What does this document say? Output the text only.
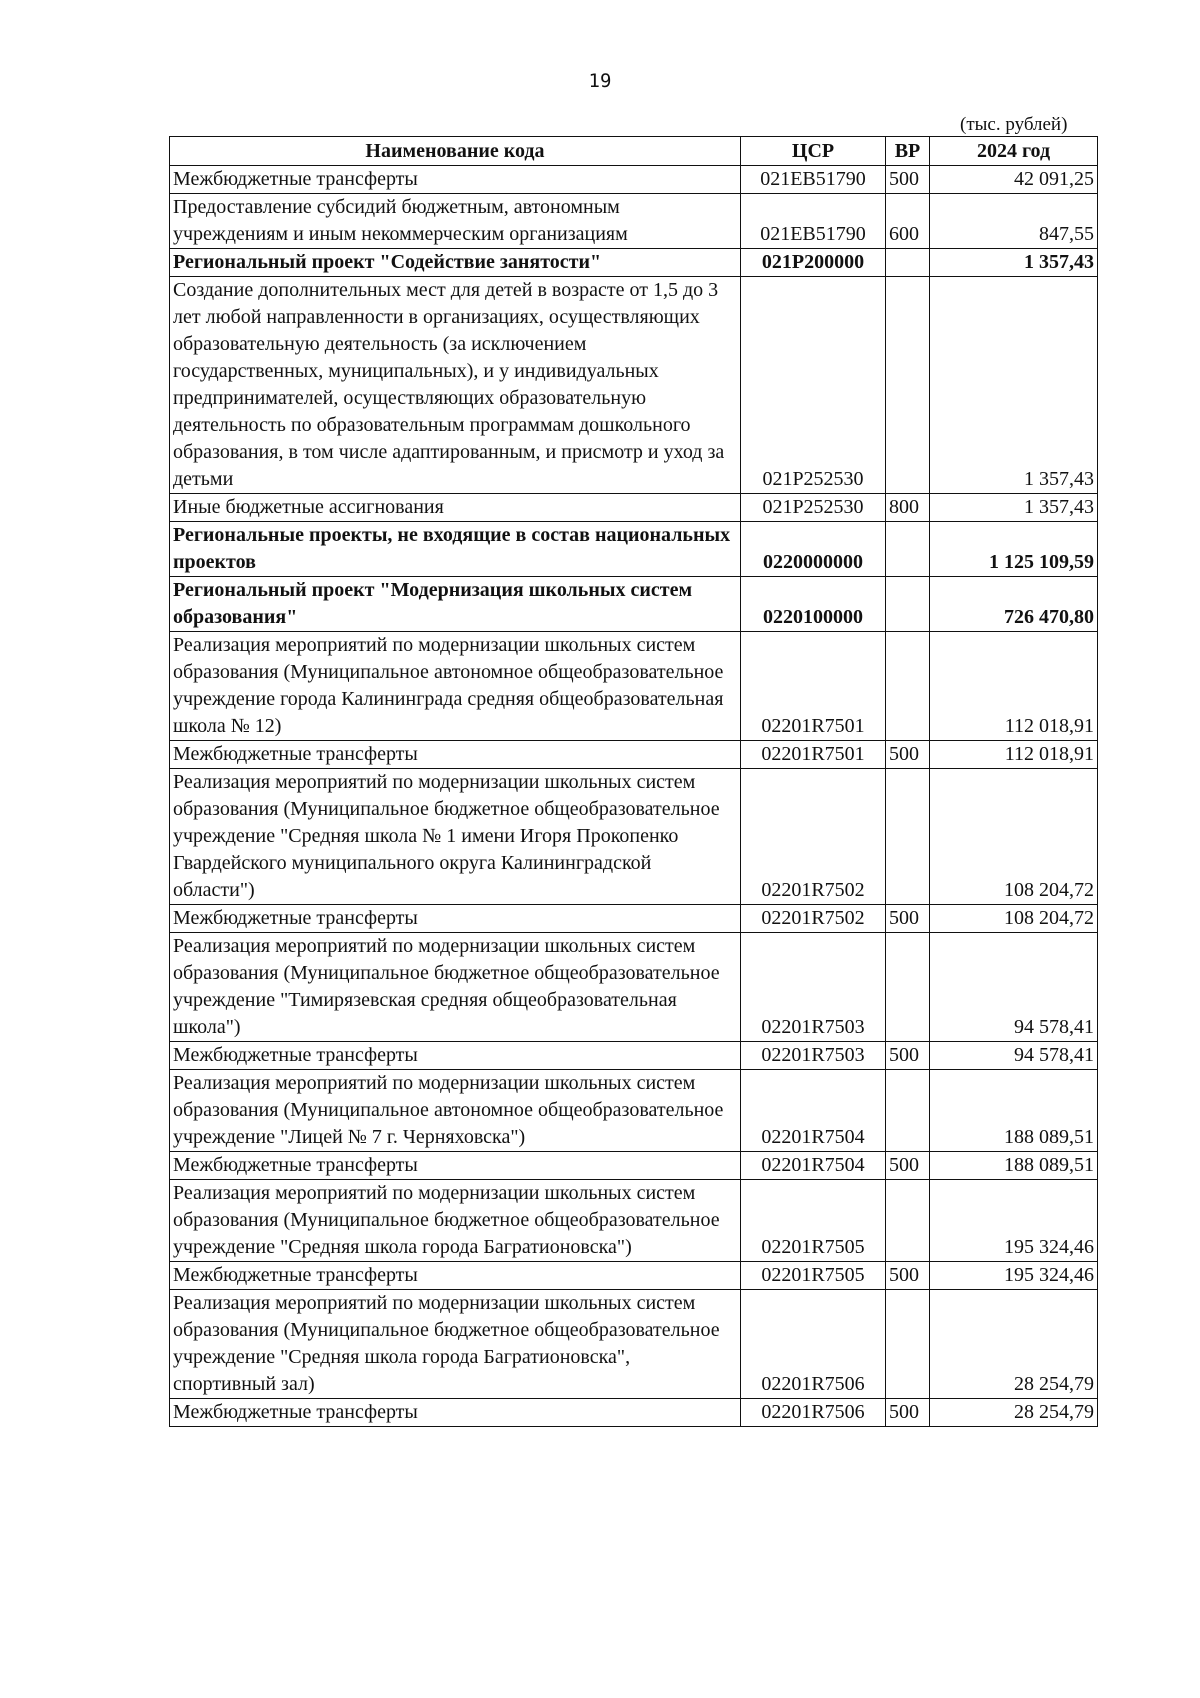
19
(тыс. рублей)
Наименование кода	ЦСР	ВР	2024 год
Межбюджетные трансферты	021EB51790	500	42 091,25
Предоставление субсидий бюджетным, автономным учреждениям и иным некоммерческим организациям	021EB51790	600	847,55
Региональный проект "Содействие занятости"	021P200000		1 357,43
Создание дополнительных мест для детей в возрасте от 1,5 до 3 лет любой направленности в организациях, осуществляющих образовательную деятельность (за исключением государственных, муниципальных), и у индивидуальных предпринимателей, осуществляющих образовательную деятельность по образовательным программам дошкольного образования, в том числе адаптированным, и присмотр и уход за детьми	021P252530		1 357,43
Иные бюджетные ассигнования	021P252530	800	1 357,43
Региональные проекты, не входящие в состав национальных проектов	0220000000		1 125 109,59
Региональный проект "Модернизация школьных систем образования"	0220100000		726 470,80
Реализация мероприятий по модернизации школьных систем образования (Муниципальное автономное общеобразовательное учреждение города Калининграда средняя общеобразовательная школа № 12)	02201R7501		112 018,91
Межбюджетные трансферты	02201R7501	500	112 018,91
Реализация мероприятий по модернизации школьных систем образования (Муниципальное бюджетное общеобразовательное учреждение "Средняя школа № 1 имени Игоря Прокопенко Гвардейского муниципального округа Калининградской области")	02201R7502		108 204,72
Межбюджетные трансферты	02201R7502	500	108 204,72
Реализация мероприятий по модернизации школьных систем образования (Муниципальное бюджетное общеобразовательное учреждение "Тимирязевская средняя общеобразовательная школа")	02201R7503		94 578,41
Межбюджетные трансферты	02201R7503	500	94 578,41
Реализация мероприятий по модернизации школьных систем образования (Муниципальное автономное общеобразовательное учреждение "Лицей № 7 г. Черняховска")	02201R7504		188 089,51
Межбюджетные трансферты	02201R7504	500	188 089,51
Реализация мероприятий по модернизации школьных систем образования (Муниципальное бюджетное общеобразовательное учреждение "Средняя школа города Багратионовска")	02201R7505		195 324,46
Межбюджетные трансферты	02201R7505	500	195 324,46
Реализация мероприятий по модернизации школьных систем образования (Муниципальное бюджетное общеобразовательное учреждение "Средняя школа города Багратионовска", спортивный зал)	02201R7506		28 254,79
Межбюджетные трансферты	02201R7506	500	28 254,79
